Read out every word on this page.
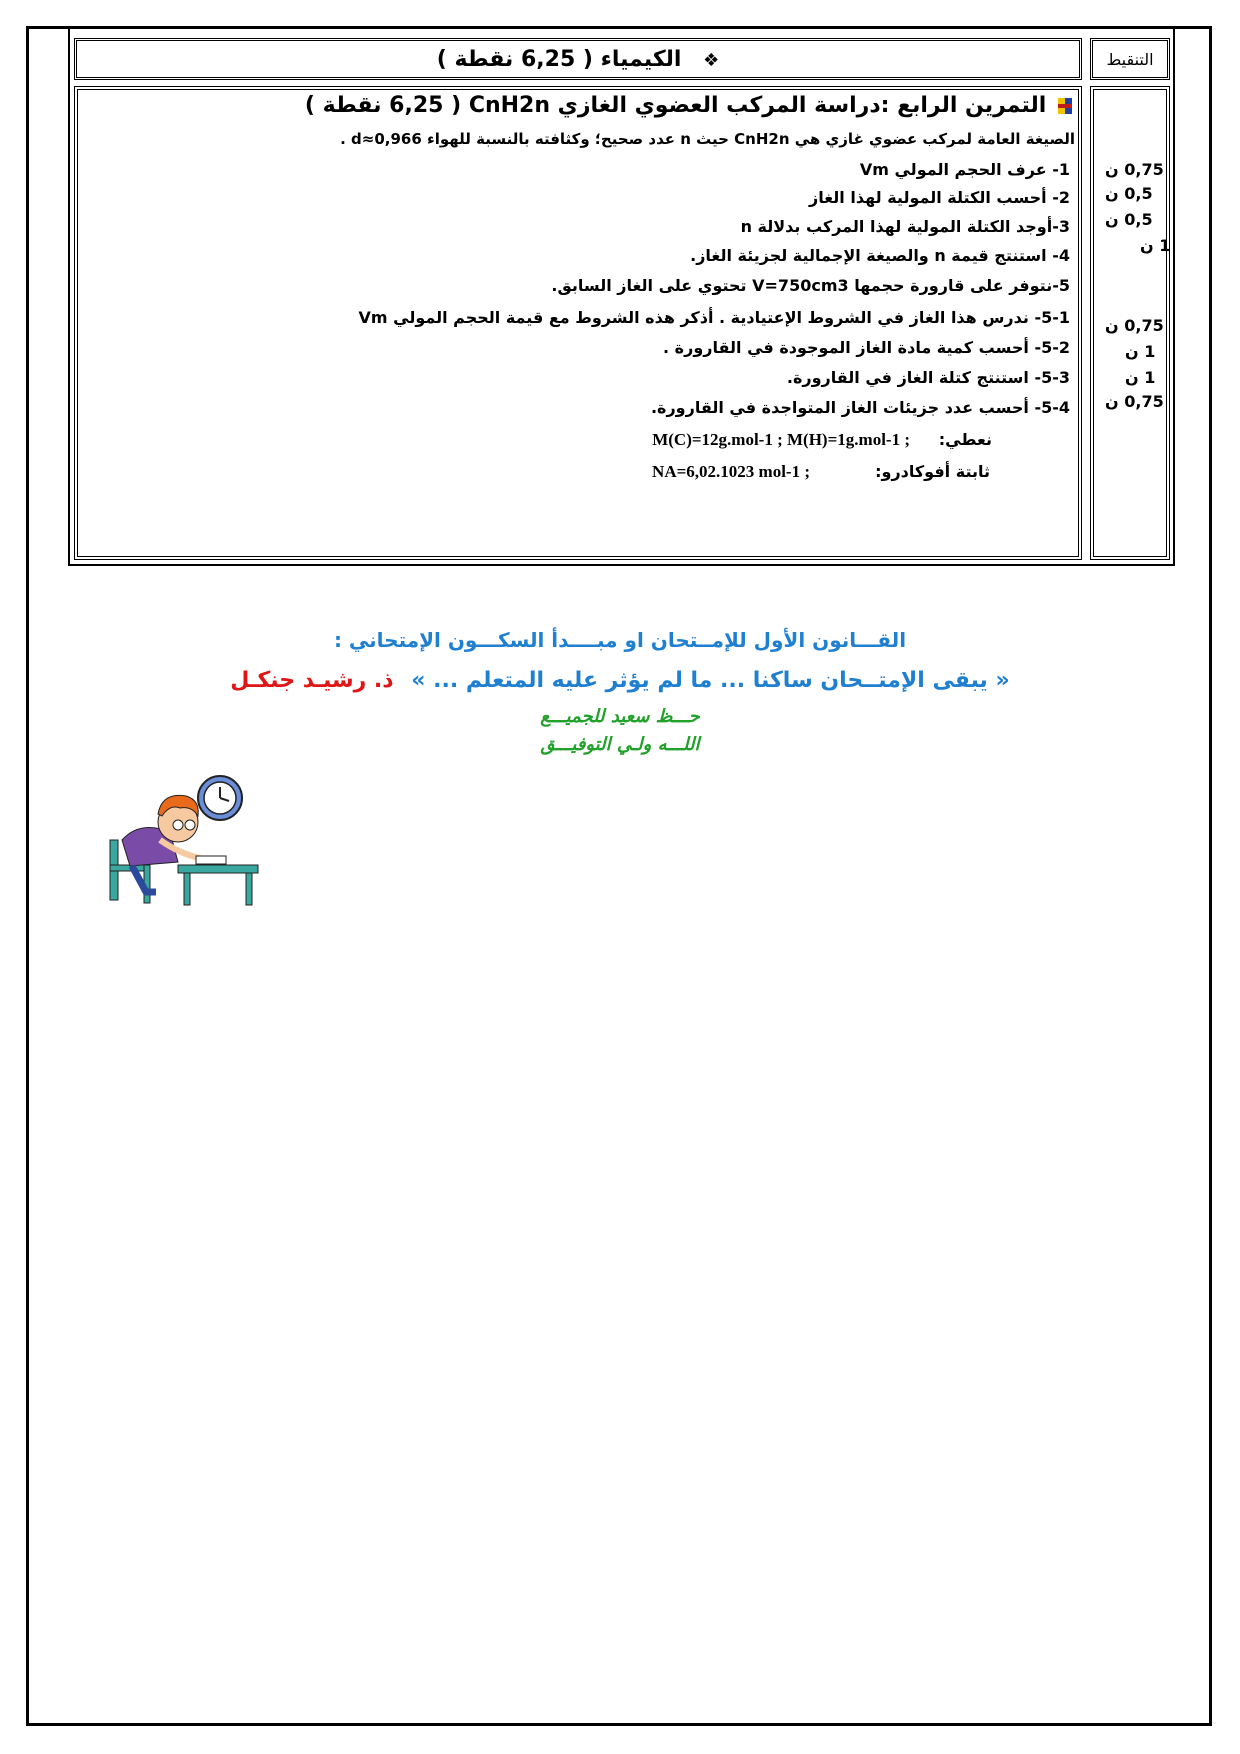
❖ الكيمياء ( 6,25 نقطة )	التنقيط
التمرين الرابع :دراسة المركب العضوي الغازي CnH2n ( 6,25 نقطة )
الصيغة العامة لمركب عضوي غازي هي CnH2n حيث n عدد صحيح؛ وكثافته بالنسبة للهواء d≈0,966 .
1- عرف الحجم المولي Vm
2- أحسب الكتلة المولية لهذا الغاز
3-أوجد الكتلة المولية لهذا المركب بدلالة n
4- استنتج قيمة n والصيغة الإجمالية لجزيئة الغاز.
5-نتوفر على قارورة حجمها V=750cm3 تحتوي على الغاز السابق.
5-1- ندرس هذا الغاز في الشروط الإعتيادية . أذكر هذه الشروط مع قيمة الحجم المولي Vm
5-2- أحسب كمية مادة الغاز الموجودة في القارورة .
5-3- استنتج كتلة الغاز في القارورة.
5-4- أحسب عدد جزيئات الغاز المتواجدة في القارورة.
نعطي:
M(C)=12g.mol-1 ; M(H)=1g.mol-1 ;
ثابتة أفوكادرو:
NA=6,02.1023 mol-1 ;
0,75 ن
0,5 ن
0,5 ن
1 ن
0,75 ن
1 ن
1 ن
0,75 ن
القـــانون الأول للإمــتحان او مبــــدأ السكـــون الإمتحاني :
« يبقى الإمتــحان ساكنا ... ما لم يؤثر عليه المتعلم ... » ذ. رشيـد جنكـل
حـــظ سعيد للجميـــع
اللـــه ولـي التوفيـــق
